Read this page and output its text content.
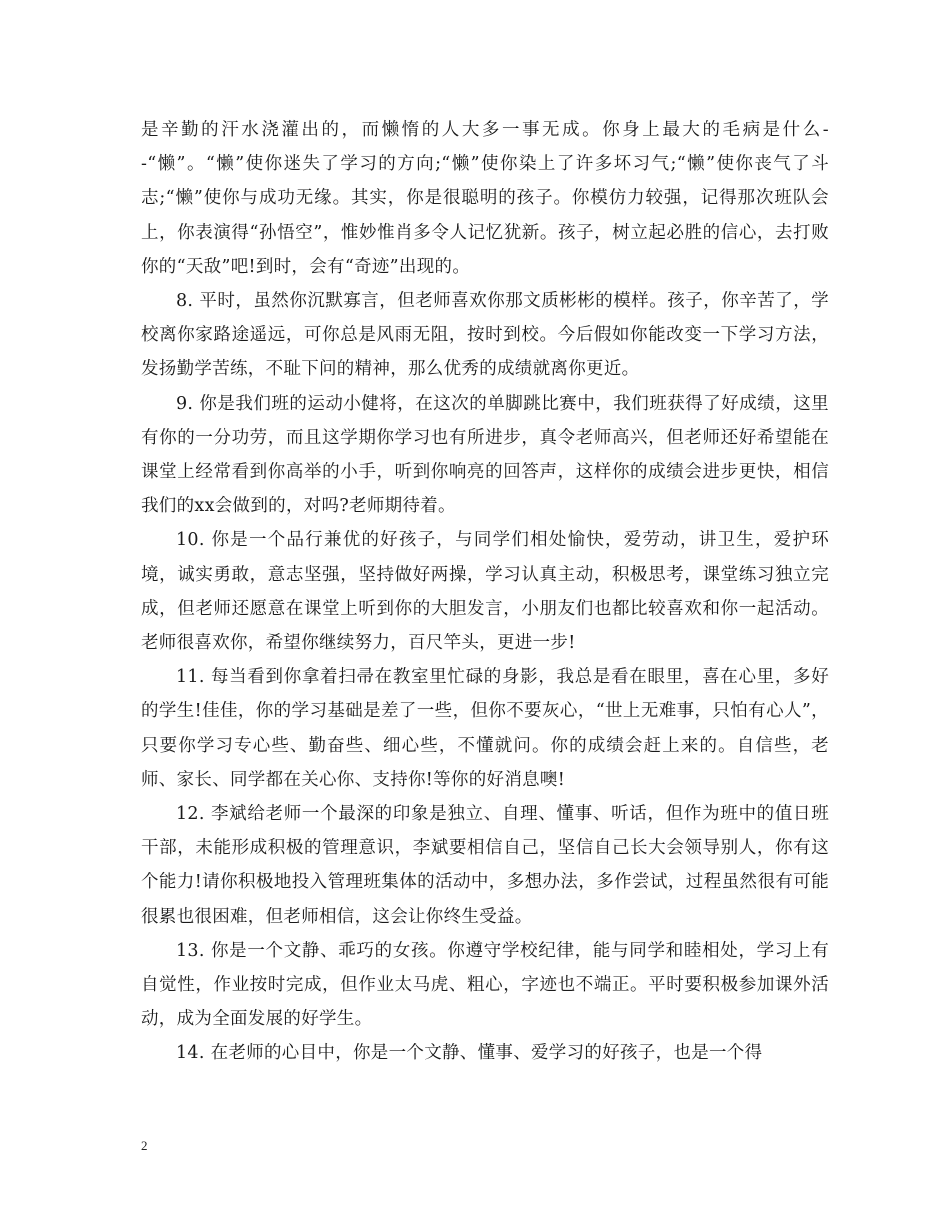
是辛勤的汗水浇灌出的，而懒惰的人大多一事无成。你身上最大的毛病是什么--“懒”。“懒”使你迷失了学习的方向;“懒”使你染上了许多坏习气;“懒”使你丧气了斗志;“懒”使你与成功无缘。其实，你是很聪明的孩子。你模仿力较强，记得那次班队会上，你表演得“孙悟空”，惟妙惟肖多令人记忆犹新。孩子，树立起必胜的信心，去打败你的“天敌”吧!到时，会有“奇迹”出现的。

8. 平时，虽然你沉默寡言，但老师喜欢你那文质彬彬的模样。孩子，你辛苦了，学校离你家路途遥远，可你总是风雨无阻，按时到校。今后假如你能改变一下学习方法，发扬勤学苦练，不耻下问的精神，那么优秀的成绩就离你更近。

9. 你是我们班的运动小健将，在这次的单脚跳比赛中，我们班获得了好成绩，这里有你的一分功劳，而且这学期你学习也有所进步，真令老师高兴，但老师还好希望能在课堂上经常看到你高举的小手，听到你响亮的回答声，这样你的成绩会进步更快，相信我们的xx会做到的，对吗?老师期待着。

10. 你是一个品行兼优的好孩子，与同学们相处愉快，爱劳动，讲卫生，爱护环境，诚实勇敢，意志坚强，坚持做好两操，学习认真主动，积极思考，课堂练习独立完成，但老师还愿意在课堂上听到你的大胆发言，小朋友们也都比较喜欢和你一起活动。老师很喜欢你，希望你继续努力，百尺竿头，更进一步!

11. 每当看到你拿着扫帚在教室里忙碌的身影，我总是看在眼里，喜在心里，多好的学生!佳佳，你的学习基础是差了一些，但你不要灰心，“世上无难事，只怕有心人”，只要你学习专心些、勤奋些、细心些，不懂就问。你的成绩会赶上来的。自信些，老师、家长、同学都在关心你、支持你!等你的好消息噢!

12. 李斌给老师一个最深的印象是独立、自理、懂事、听话，但作为班中的值日班干部，未能形成积极的管理意识，李斌要相信自己，坚信自己长大会领导别人，你有这个能力!请你积极地投入管理班集体的活动中，多想办法，多作尝试，过程虽然很有可能很累也很困难，但老师相信，这会让你终生受益。

13. 你是一个文静、乖巧的女孩。你遵守学校纪律，能与同学和睦相处，学习上有自觉性，作业按时完成，但作业太马虎、粗心，字迹也不端正。平时要积极参加课外活动，成为全面发展的好学生。

14. 在老师的心目中，你是一个文静、懂事、爱学习的好孩子，也是一个得

2
